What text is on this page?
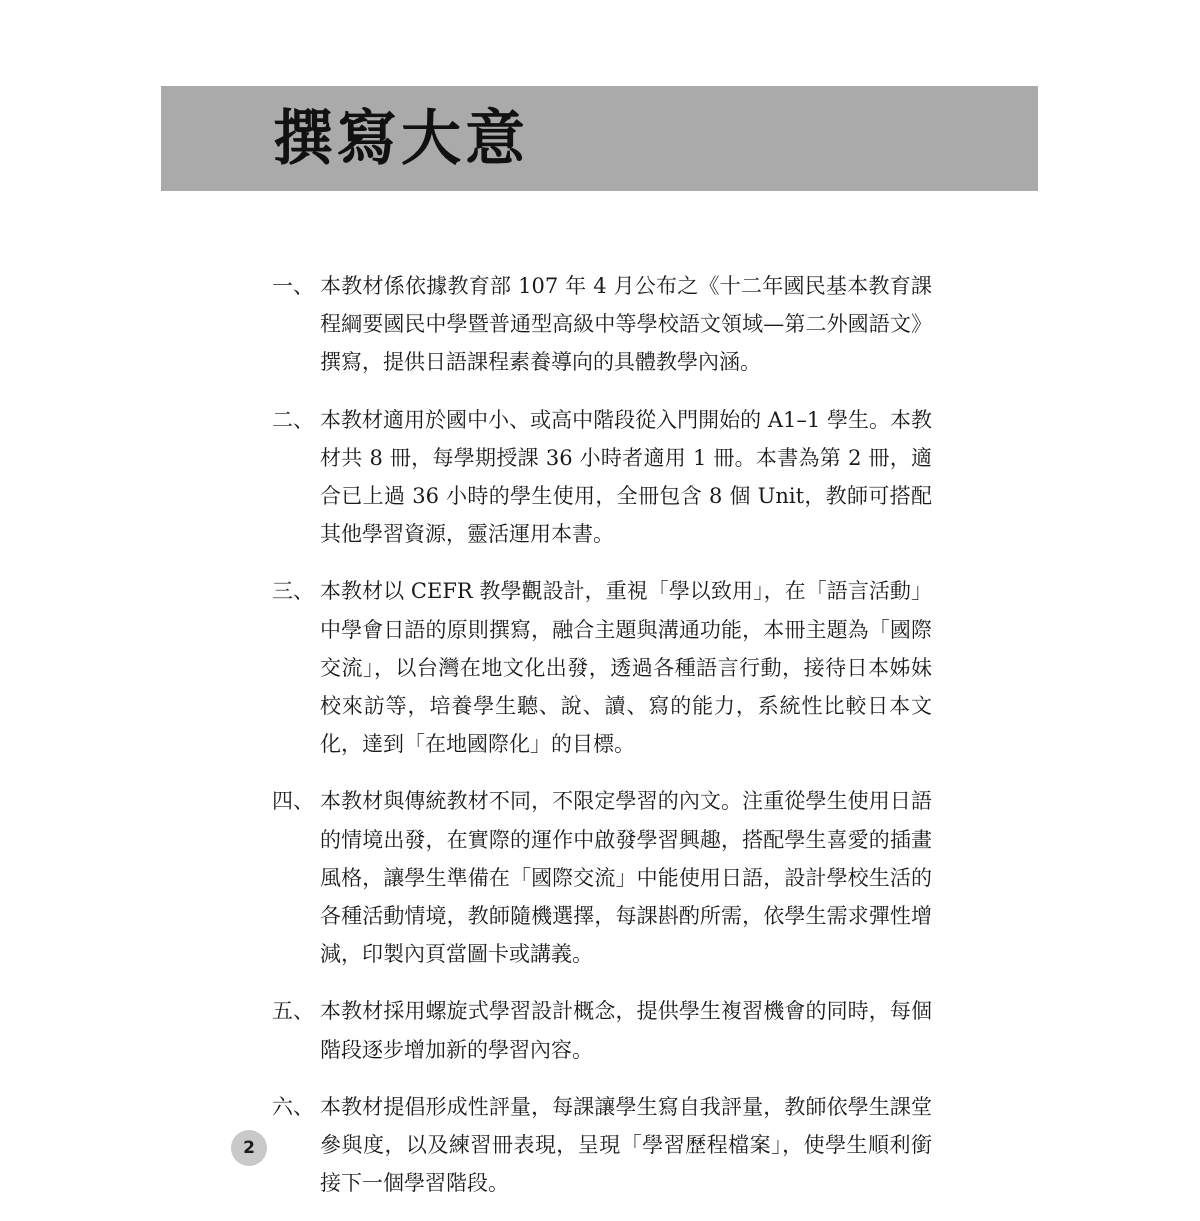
撰寫大意
一、 本教材係依據教育部 107 年 4 月公布之《十二年國民基本教育課程綱要國民中學暨普通型高級中等學校語文領域—第二外國語文》撰寫，提供日語課程素養導向的具體教學內涵。
二、 本教材適用於國中小、或高中階段從入門開始的 A1–1 學生。本教材共 8 冊，每學期授課 36 小時者適用 1 冊。本書為第 2 冊，適合已上過 36 小時的學生使用，全冊包含 8 個 Unit，教師可搭配其他學習資源，靈活運用本書。
三、 本教材以 CEFR 教學觀設計，重視「學以致用」，在「語言活動」中學會日語的原則撰寫，融合主題與溝通功能，本冊主題為「國際交流」，以台灣在地文化出發，透過各種語言行動，接待日本姊妹校來訪等，培養學生聽、說、讀、寫的能力，系統性比較日本文化，達到「在地國際化」的目標。
四、 本教材與傳統教材不同，不限定學習的內文。注重從學生使用日語的情境出發，在實際的運作中啟發學習興趣，搭配學生喜愛的插畫風格，讓學生準備在「國際交流」中能使用日語，設計學校生活的各種活動情境，教師隨機選擇，每課斟酌所需，依學生需求彈性增減，印製內頁當圖卡或講義。
五、 本教材採用螺旋式學習設計概念，提供學生複習機會的同時，每個階段逐步增加新的學習內容。
六、 本教材提倡形成性評量，每課讓學生寫自我評量，教師依學生課堂參與度，以及練習冊表現，呈現「學習歷程檔案」，使學生順利銜接下一個學習階段。
2
